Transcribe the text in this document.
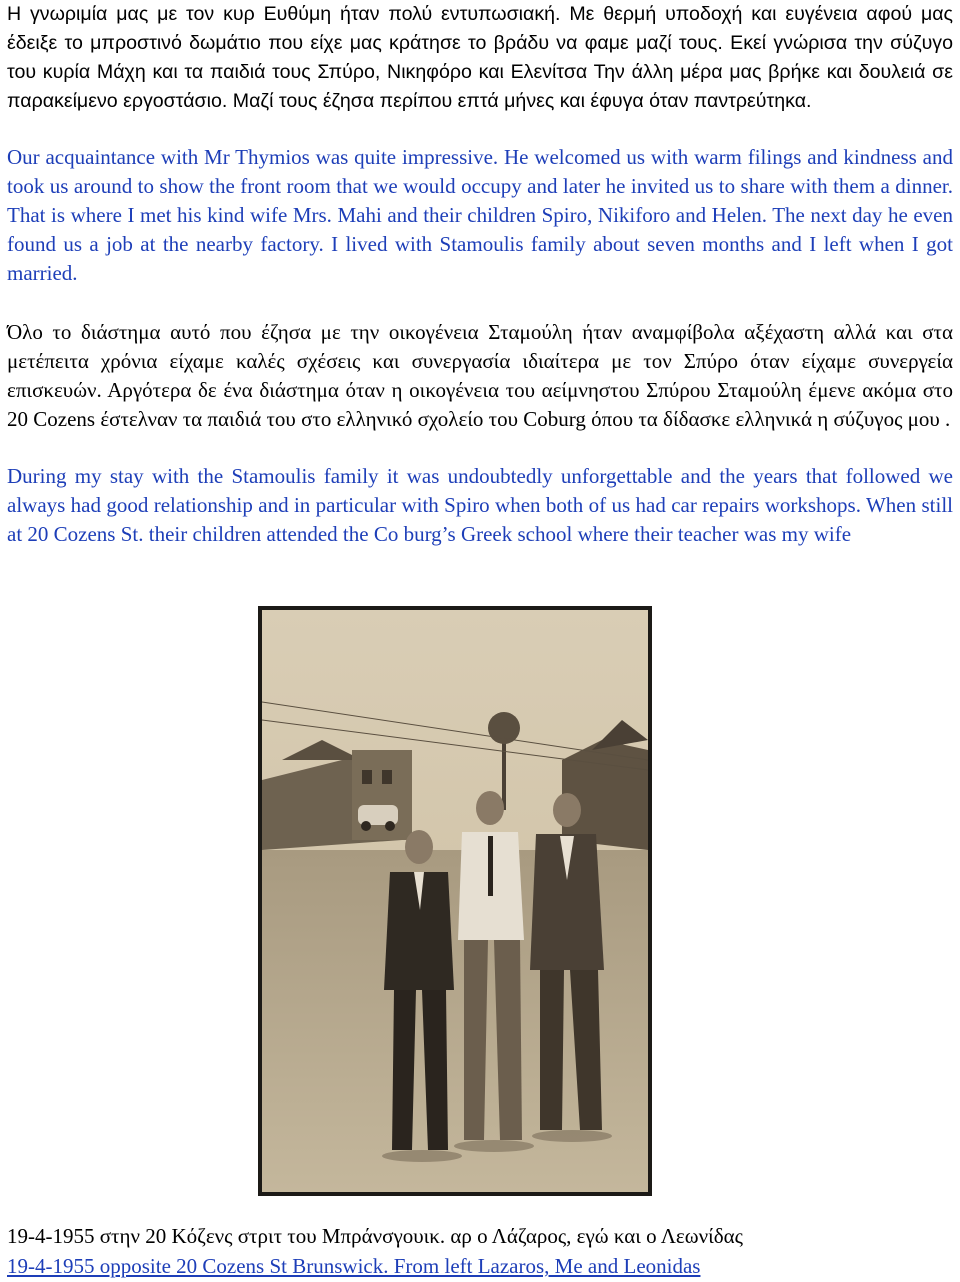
Η γνωριμία μας με τον κυρ Ευθύμη ήταν πολύ εντυπωσιακή. Με θερμή υποδοχή και ευγένεια αφού μας έδειξε το μπροστινό δωμάτιο που είχε μας κράτησε το βράδυ να φαμε μαζί τους. Εκεί γνώρισα την σύζυγο του κυρία Μάχη και τα παιδιά τους Σπύρο, Νικηφόρο και Ελενίτσα Την άλλη μέρα μας βρήκε και δουλειά σε παρακείμενο εργοστάσιο. Μαζί τους έζησα περίπου επτά μήνες και έφυγα όταν παντρεύτηκα.

Our acquaintance with Mr Thymios was quite impressive. He welcomed us with warm filings and kindness and took us around to show the front room that we would occupy and later he invited us to share with them a dinner. That is where I met his kind wife Mrs. Mahi and their children Spiro, Nikiforo and Helen. The next day he even found us a job at the nearby factory. I lived with Stamoulis family about seven months and I left when I got married.

Όλο το διάστημα αυτό που έζησα με την οικογένεια Σταμούλη ήταν αναμφίβολα αξέχαστη αλλά και στα μετέπειτα χρόνια είχαμε καλές σχέσεις και συνεργασία ιδιαίτερα με τον Σπύρο όταν είχαμε συνεργεία επισκευών. Αργότερα δε ένα διάστημα όταν η οικογένεια του αείμνηστου Σπύρου Σταμούλη έμενε ακόμα στο 20 Cozens έστελναν τα παιδιά του στο ελληνικό σχολείο του Coburg όπου τα δίδασκε ελληνικά η σύζυγος μου .

During my stay with the Stamoulis family it was undoubtedly unforgettable and the years that followed we always had good relationship and in particular with Spiro when both of us had car repairs workshops. When still at 20 Cozens St. their children attended the Co burg’s Greek school where their teacher was my wife

19-4-1955 στην 20 Κόζενς στριτ του Μπράνσγουικ. αρ ο Λάζαρος, εγώ και ο Λεωνίδας

19-4-1955 opposite 20 Cozens St Brunswick. From left Lazaros, Me and Leonidas
